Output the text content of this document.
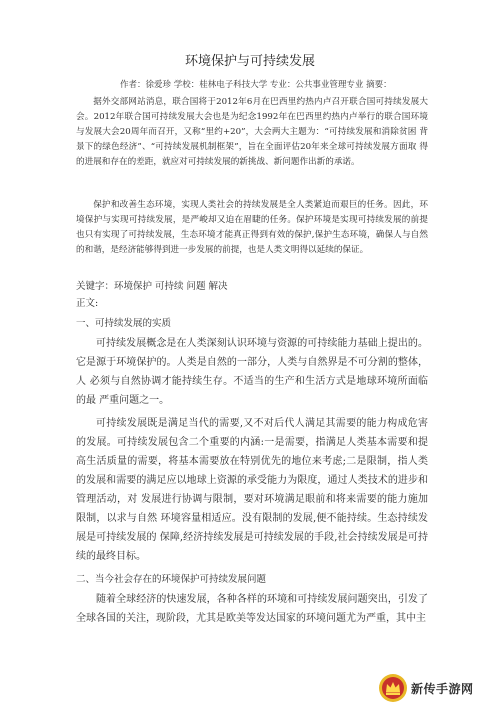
环境保护与可持续发展
作者：徐爱珍 学校：桂林电子科技大学 专业：公共事业管理专业 摘要：

据外交部网站消息，联合国将于2012年6月在巴西里约热内卢召开联合国可持续发展大会。2012年联合国可持续发展大会也是为纪念1992年在巴西里约热内卢举行的联合国环境与发展大会20周年而召开，又称“里约+20”，大会两大主题为：“可持续发展和消除贫困 背景下的绿色经济”、“可持续发展机制框架”，旨在全面评估20年来全球可持续发展方面取 得的进展和存在的差距，就应对可持续发展的新挑战、新问题作出新的承诺。

保护和改善生态环境，实现人类社会的持续发展是全人类紧迫而艰巨的任务。因此，环 境保护与实现可持续发展，是严峻却又迫在眉睫的任务。保护环境是实现可持续发展的前提 也只有实现了可持续发展，生态环境才能真正得到有效的保护,保护生态环境，确保人与自然 的和谐，是经济能够得到进一步发展的前提，也是人类文明得以延续的保证。

关键字：环境保护 可持续 问题 解决
正文:
一、可持续发展的实质

可持续发展概念是在人类深刻认识环境与资源的可持续能力基础上提出的。它是源于环境保护的。人类是自然的一部分，人类与自然界是不可分割的整体，人 必须与自然协调才能持续生存。不适当的生产和生活方式是地球环境所面临的最 严重问题之一。

可持续发展既是满足当代的需要,又不对后代人满足其需要的能力构成危害的发展。可持续发展包含二个重要的内涵:一是需要，指满足人类基本需要和提高生活质量的需要，将基本需要放在特别优先的地位来考虑;二是限制，指人类的发展和需要的满足应以地球上资源的承受能力为限度，通过人类技术的进步和管理活动，对 发展进行协调与限制，要对环境满足眼前和将来需要的能力施加限制，以求与自然 环境容量相适应。没有限制的发展,便不能持续。生态持续发展是可持续发展的 保障,经济持续发展是可持续发展的手段,社会持续发展是可持续的最终目标。

二、当今社会存在的环境保护可持续发展问题

随着全球经济的快速发展，各种各样的环境和可持续发展问题突出，引发了全球各国的关注，现阶段，尤其是欧美等发达国家的环境问题尤为严重，其中主

新传手游网
